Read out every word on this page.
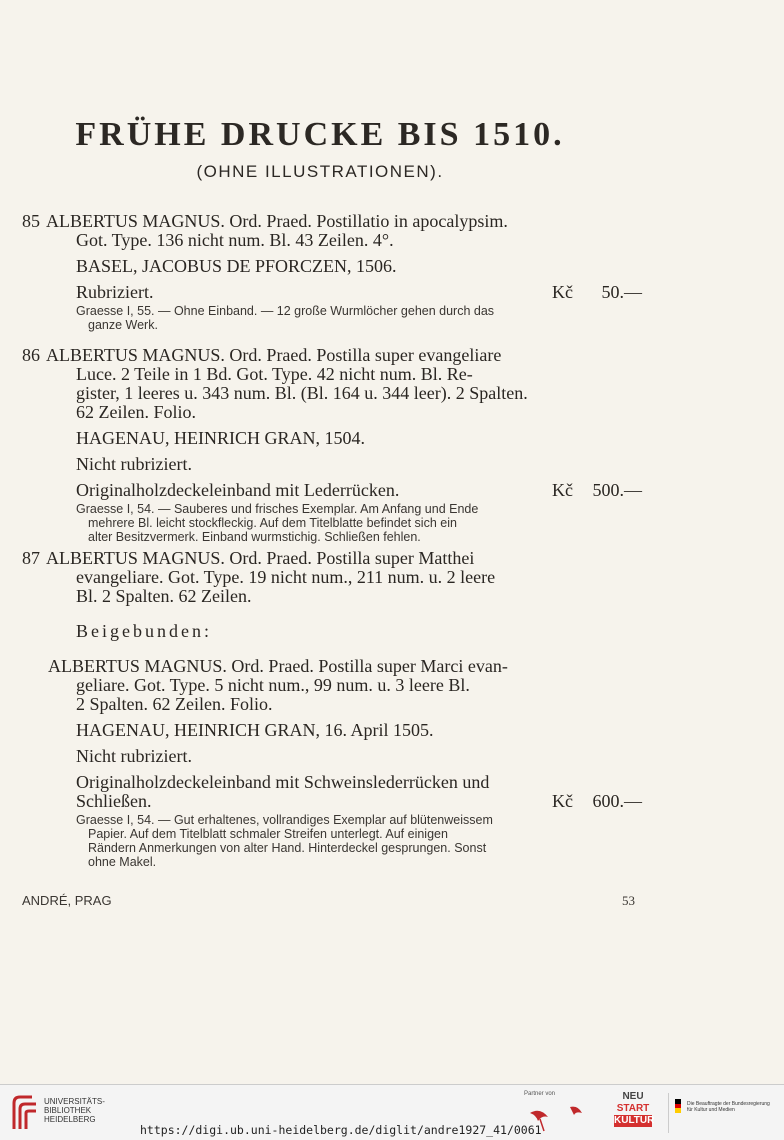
FRÜHE DRUCKE BIS 1510.
(OHNE ILLUSTRATIONEN).
85 ALBERTUS MAGNUS. Ord. Praed. Postillatio in apocalypsim.
Got. Type. 136 nicht num. Bl. 43 Zeilen. 4°.
BASEL, JACOBUS DE PFORCZEN, 1506.
Rubriziert.	Kč 50.—
Graesse I, 55. — Ohne Einband. — 12 große Wurmlöcher gehen durch das
ganze Werk.
86 ALBERTUS MAGNUS. Ord. Praed. Postilla super evangeliare
Luce. 2 Teile in 1 Bd. Got. Type. 42 nicht num. Bl. Re-
gister, 1 leeres u. 343 num. Bl. (Bl. 164 u. 344 leer). 2 Spalten.
62 Zeilen. Folio.
HAGENAU, HEINRICH GRAN, 1504.
Nicht rubriziert.
Originalholzdeckeleinband mit Lederrücken.	Kč 500.—
Graesse I, 54. — Sauberes und frisches Exemplar. Am Anfang und Ende
mehrere Bl. leicht stockfleckig. Auf dem Titelblatte befindet sich ein
alter Besitzvermerk. Einband wurmstichig. Schließen fehlen.
87 ALBERTUS MAGNUS. Ord. Praed. Postilla super Matthei
evangeliare. Got. Type. 19 nicht num., 211 num. u. 2 leere
Bl. 2 Spalten. 62 Zeilen.
Beigebunden:
ALBERTUS MAGNUS. Ord. Praed. Postilla super Marci evan-
geliare. Got. Type. 5 nicht num., 99 num. u. 3 leere Bl.
2 Spalten. 62 Zeilen. Folio.
HAGENAU, HEINRICH GRAN, 16. April 1505.
Nicht rubriziert.
Originalholzdeckeleinband mit Schweinslederrücken und
Schließen.	Kč 600.—
Graesse I, 54. — Gut erhaltenes, vollrandiges Exemplar auf blütenweissem
Papier. Auf dem Titelblatt schmaler Streifen unterlegt. Auf einigen
Rändern Anmerkungen von alter Hand. Hinterdeckel gesprungen. Sonst
ohne Makel.
ANDRÉ, PRAG	53
UNIVERSITÄTS-
BIBLIOTHEK
HEIDELBERG
https://digi.ub.uni-heidelberg.de/diglit/andre1927_41/0061
Partner von	NEU
START
KULTUR
Die Beauftragte der Bundesregierung
für Kultur und Medien
